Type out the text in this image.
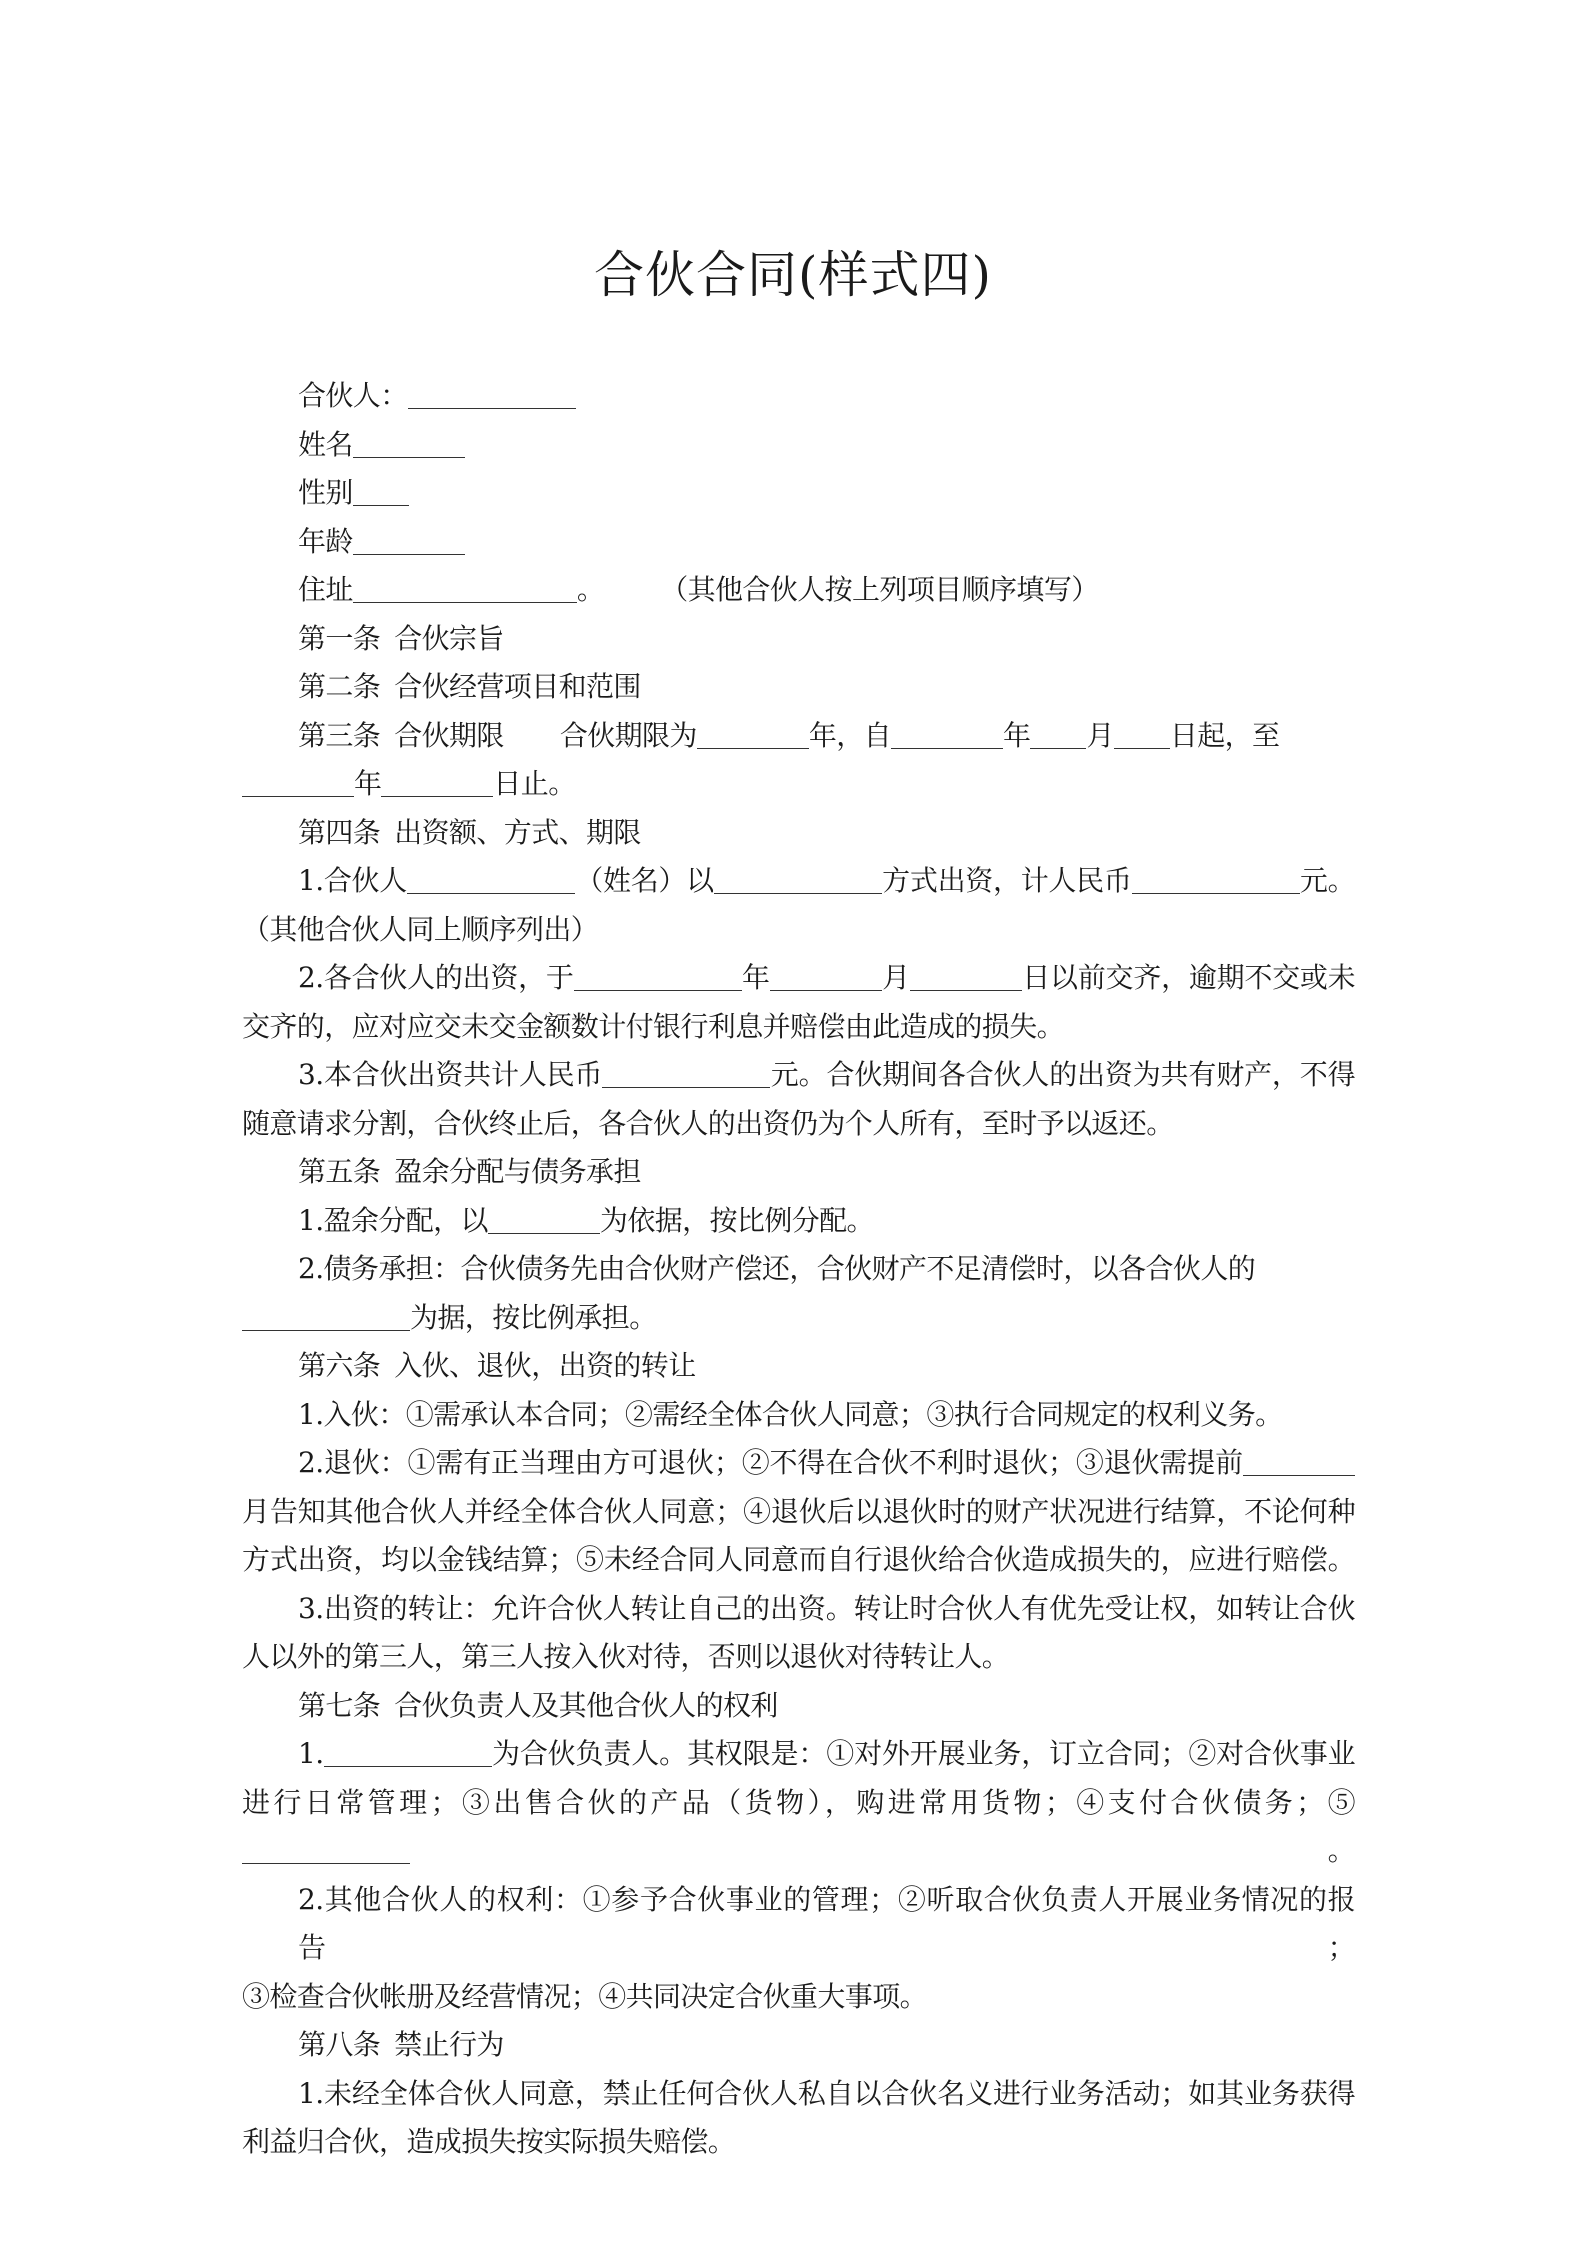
合伙合同(样式四)
合伙人：
姓名
性别
年龄
住址	。 （其他合伙人按上列项目顺序填写）
第一条 合伙宗旨
第二条 合伙经营项目和范围
第三条 合伙期限 合伙期限为	年，自	年 月 日起，至
年	日止。
第四条 出资额、方式、期限
1.合伙人	（姓名）以	方式出资，计人民币	元。
（其他合伙人同上顺序列出）
2.各合伙人的出资，于	年	月	日以前交齐，逾期不交或未
交齐的，应对应交未交金额数计付银行利息并赔偿由此造成的损失。
3.本合伙出资共计人民币	元。合伙期间各合伙人的出资为共有财产，不得
随意请求分割，合伙终止后，各合伙人的出资仍为个人所有，至时予以返还。
第五条 盈余分配与债务承担
1.盈余分配，以	为依据，按比例分配。
2.债务承担：合伙债务先由合伙财产偿还，合伙财产不足清偿时，以各合伙人的
为据，按比例承担。
第六条 入伙、退伙，出资的转让
1.入伙：①需承认本合同；②需经全体合伙人同意；③执行合同规定的权利义务。
2.退伙：①需有正当理由方可退伙；②不得在合伙不利时退伙；③退伙需提前
月告知其他合伙人并经全体合伙人同意；④退伙后以退伙时的财产状况进行结算，不论何种
方式出资，均以金钱结算；⑤未经合同人同意而自行退伙给合伙造成损失的，应进行赔偿。
3.出资的转让：允许合伙人转让自己的出资。转让时合伙人有优先受让权，如转让合伙
人以外的第三人，第三人按入伙对待，否则以退伙对待转让人。
第七条 合伙负责人及其他合伙人的权利
1.	为合伙负责人。其权限是：①对外开展业务，订立合同；②对合伙事业
进行日常管理；③出售合伙的产品（货物），购进常用货物；④支付合伙债务；⑤。
2.其他合伙人的权利：①参予合伙事业的管理；②听取合伙负责人开展业务情况的报告；
③检查合伙帐册及经营情况；④共同决定合伙重大事项。
第八条 禁止行为
1.未经全体合伙人同意，禁止任何合伙人私自以合伙名义进行业务活动；如其业务获得
利益归合伙，造成损失按实际损失赔偿。
